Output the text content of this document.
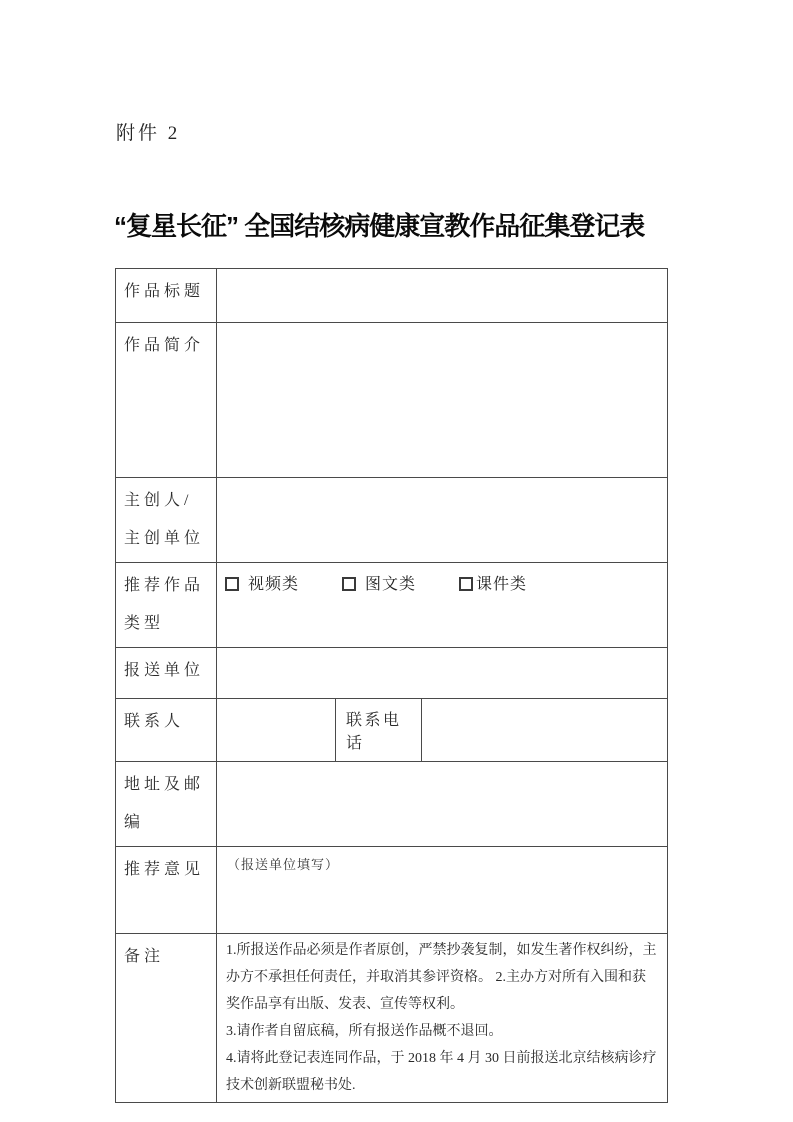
附件 2
“复星长征” 全国结核病健康宣教作品征集登记表
作品标题			
作品简介			
主创人/主创单位			
推荐作品类型	视频类 图文类 课件类		
报送单位			
联系人		联系电话	
地址及邮编			
推荐意见	（报送单位填写）		
备注	1.所报送作品必须是作者原创，严禁抄袭复制，如发生著作权纠纷，主办方不承担任何责任，并取消其参评资格。 2.主办方对所有入围和获奖作品享有出版、发表、宣传等权利。

3.请作者自留底稿，所有报送作品概不退回。

4.请将此登记表连同作品，于 2018 年 4 月 30 日前报送北京结核病诊疗技术创新联盟秘书处.		
